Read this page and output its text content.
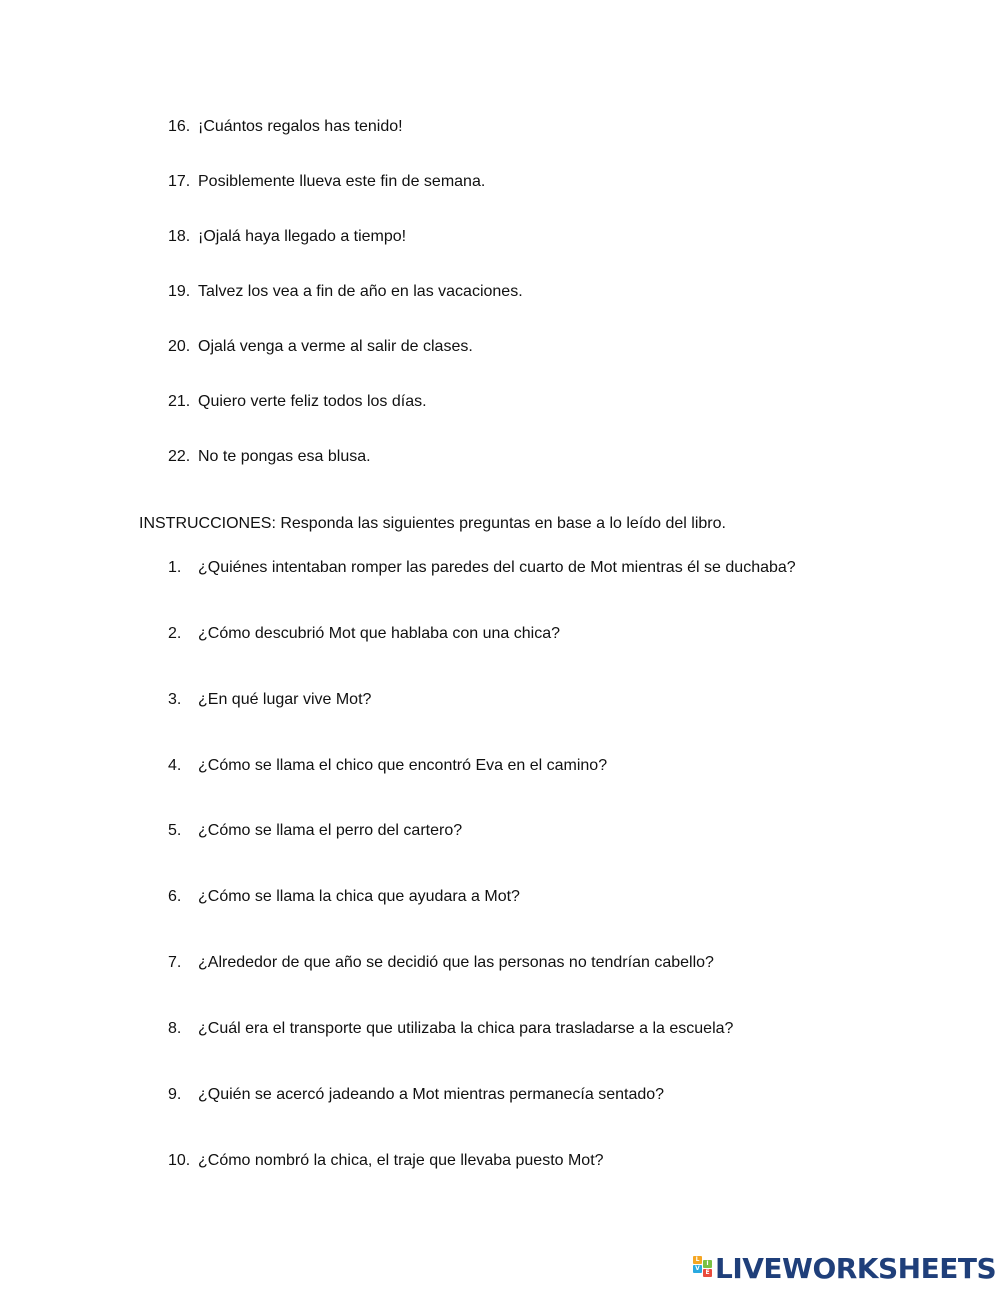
16. ¡Cuántos regalos has tenido!
17. Posiblemente llueva este fin de semana.
18. ¡Ojalá haya llegado a tiempo!
19. Talvez los vea a fin de año en las vacaciones.
20. Ojalá venga a verme al salir de clases.
21. Quiero verte feliz todos los días.
22. No te pongas esa blusa.
INSTRUCCIONES: Responda las siguientes preguntas en base a lo leído del libro.
1.	¿Quiénes intentaban romper las paredes del cuarto de Mot mientras él se duchaba?
2.	¿Cómo descubrió Mot que hablaba con una chica?
3.	¿En qué lugar vive Mot?
4.	¿Cómo se llama el chico que encontró Eva en el camino?
5.	¿Cómo se llama el perro del cartero?
6.	¿Cómo se llama la chica que ayudara a Mot?
7.	¿Alrededor de que año se decidió que las personas no tendrían cabello?
8.	¿Cuál era el transporte que utilizaba la chica para trasladarse a la escuela?
9.	¿Quién se acercó jadeando a Mot mientras permanecía sentado?
10. ¿Cómo nombró la chica, el traje que llevaba puesto Mot?
L
I
V
E LIVEWORKSHEETS
